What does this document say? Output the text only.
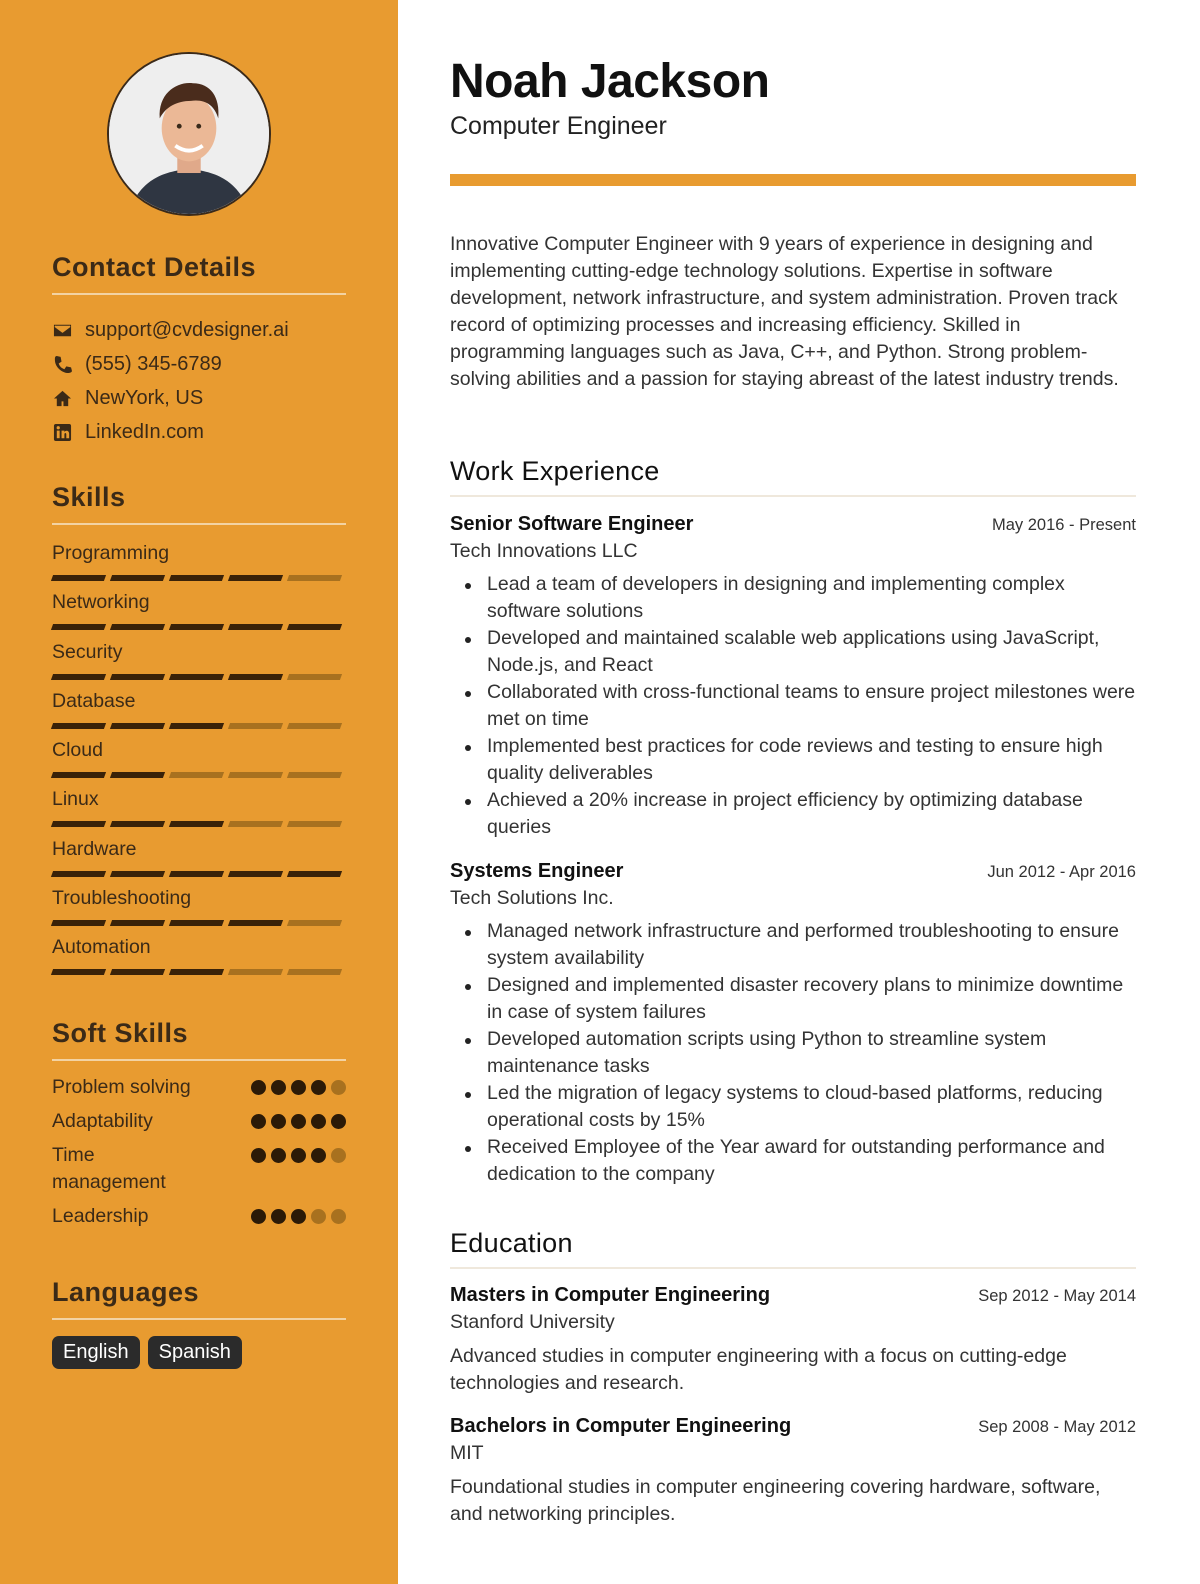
Contact Details
support@cvdesigner.ai
(555) 345-6789
NewYork, US
LinkedIn.com
Skills
Programming
Networking
Security
Database
Cloud
Linux
Hardware
Troubleshooting
Automation
Soft Skills
Problem solving
Adaptability
Time management
Leadership
Languages
English	Spanish
Noah Jackson
Computer Engineer
Innovative Computer Engineer with 9 years of experience in designing and implementing cutting-edge technology solutions. Expertise in software development, network infrastructure, and system administration. Proven track record of optimizing processes and increasing efficiency. Skilled in programming languages such as Java, C++, and Python. Strong problem-solving abilities and a passion for staying abreast of the latest industry trends.
Work Experience
Senior Software Engineer	May 2016 - Present
Tech Innovations LLC
Lead a team of developers in designing and implementing complex software solutions
Developed and maintained scalable web applications using JavaScript, Node.js, and React
Collaborated with cross-functional teams to ensure project milestones were met on time
Implemented best practices for code reviews and testing to ensure high quality deliverables
Achieved a 20% increase in project efficiency by optimizing database queries
Systems Engineer	Jun 2012 - Apr 2016
Tech Solutions Inc.
Managed network infrastructure and performed troubleshooting to ensure system availability
Designed and implemented disaster recovery plans to minimize downtime in case of system failures
Developed automation scripts using Python to streamline system maintenance tasks
Led the migration of legacy systems to cloud-based platforms, reducing operational costs by 15%
Received Employee of the Year award for outstanding performance and dedication to the company
Education
Masters in Computer Engineering	Sep 2012 - May 2014
Stanford University
Advanced studies in computer engineering with a focus on cutting-edge technologies and research.
Bachelors in Computer Engineering	Sep 2008 - May 2012
MIT
Foundational studies in computer engineering covering hardware, software, and networking principles.
